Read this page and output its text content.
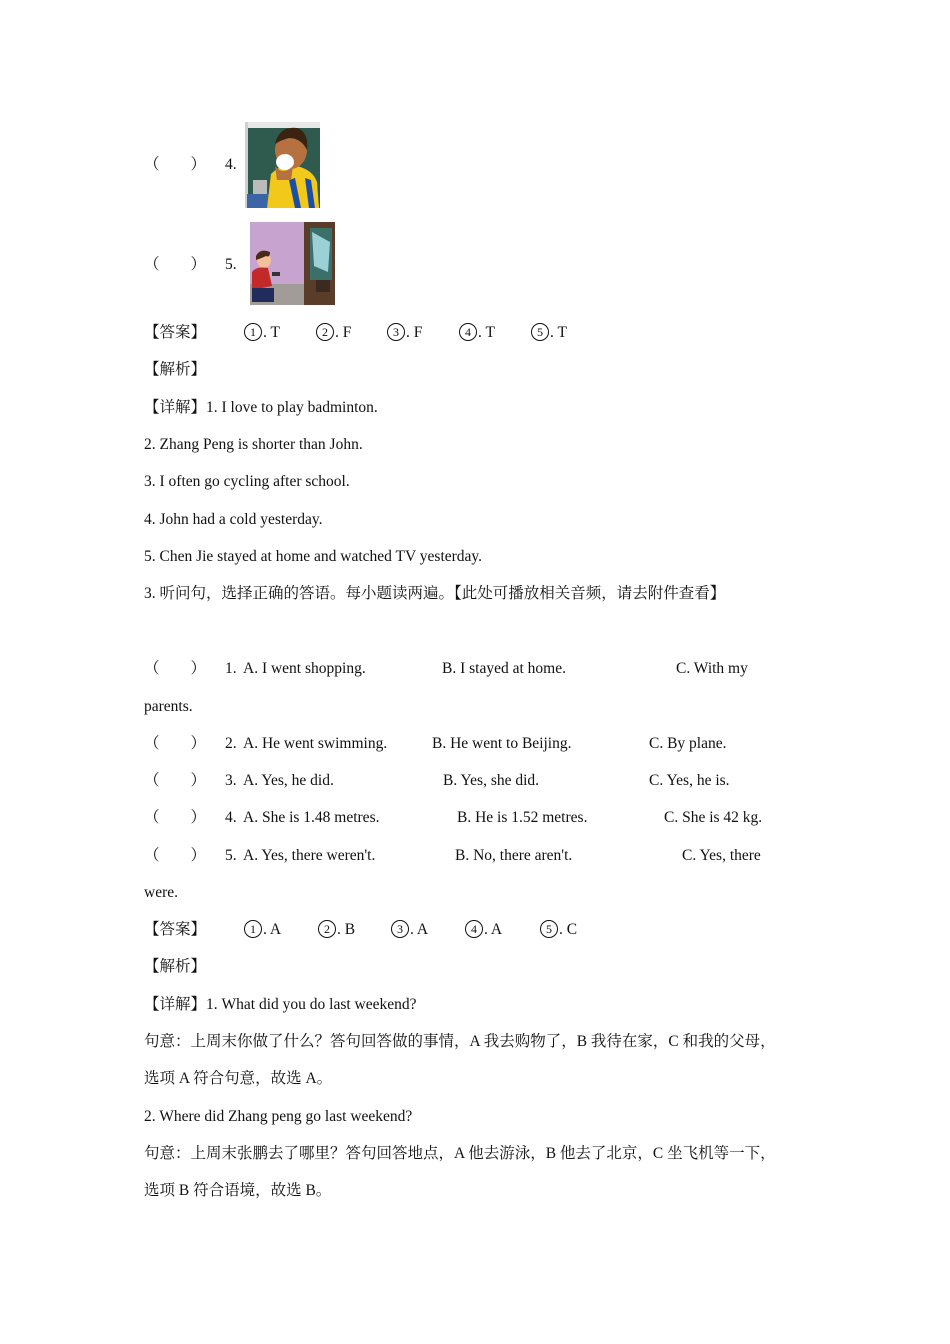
（　　） 4.
（　　） 5.
【答案】	1 . T	2 . F	3 . F	4 . T	5 . T
【解析】
【详解】1. I love to play badminton.
2. Zhang Peng is shorter than John.
3. I often go cycling after school.
4. John had a cold yesterday.
5. Chen Jie stayed at home and watched TV yesterday.
3. 听问句，选择正确的答语。每小题读两遍。【此处可播放相关音频，请去附件查看】
（　　） 1. A. I went shopping.	B. I stayed at home.	C. With my
parents.
（　　） 2. A. He went swimming.	B. He went to Beijing.	C. By plane.
（　　） 3. A. Yes, he did.	B. Yes, she did.	C. Yes, he is.
（　　） 4. A. She is 1.48 metres.	B. He is 1.52 metres.	C. She is 42 kg.
（　　） 5. A. Yes, there weren't.	B. No, there aren't.	C. Yes, there
were.
【答案】	1 . A	2 . B	3 . A	4 . A	5 . C
【解析】
【详解】1. What did you do last weekend?
句意：上周末你做了什么？答句回答做的事情，A 我去购物了，B 我待在家，C 和我的父母，
选项 A 符合句意，故选 A。
2. Where did Zhang peng go last weekend?
句意：上周末张鹏去了哪里？答句回答地点，A 他去游泳，B 他去了北京，C 坐飞机等一下，
选项 B 符合语境，故选 B。
